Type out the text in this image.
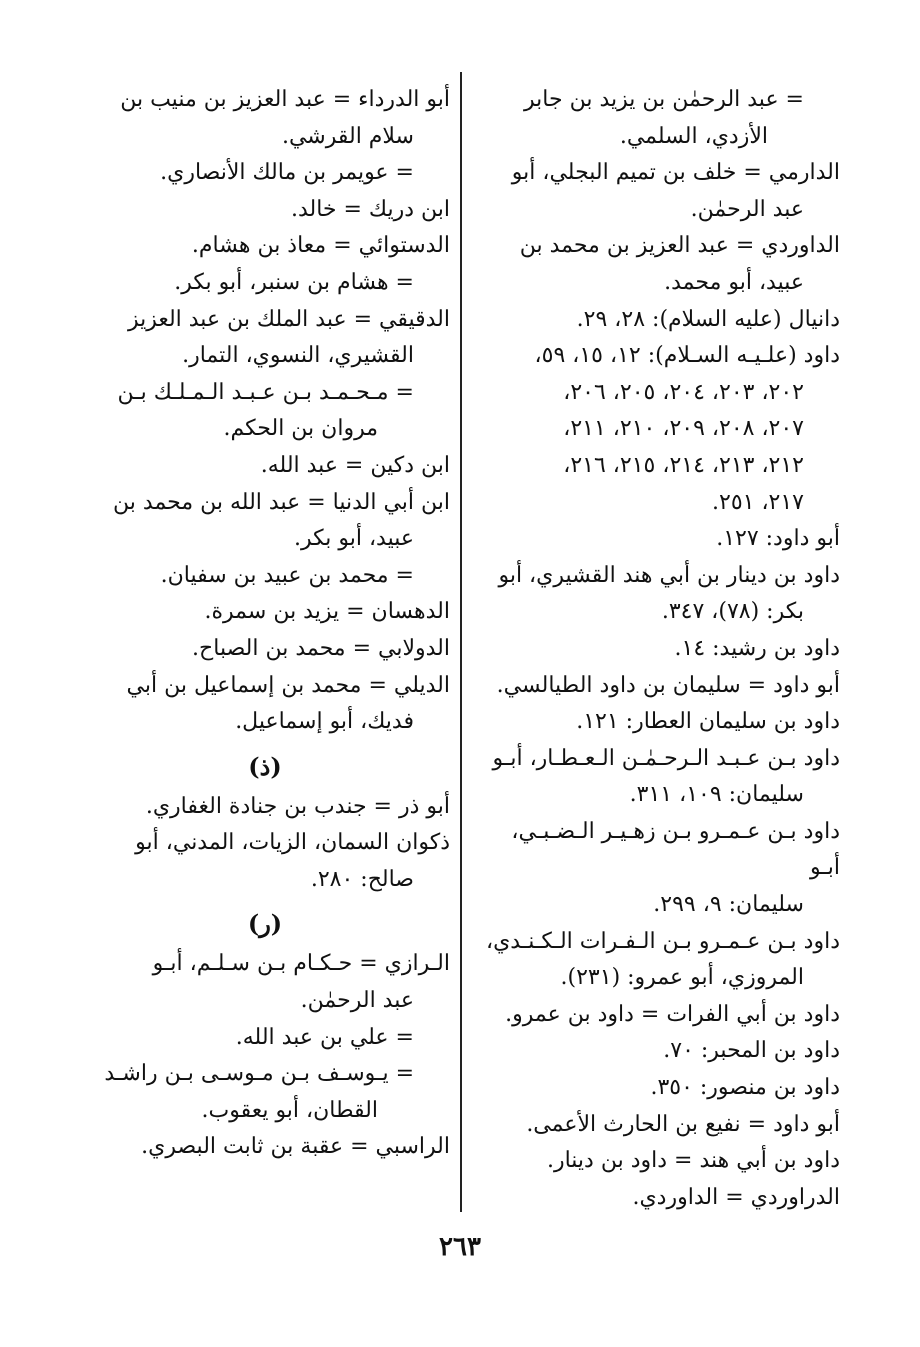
= عبد الرحمٰن بن يزيد بن جابر
الأزدي، السلمي.
الدارمي = خلف بن تميم البجلي، أبو
عبد الرحمٰن.
الداوردي = عبد العزيز بن محمد بن
عبيد، أبو محمد.
دانيال (عليه السلام): ٢٨، ٢٩.
داود (علـيـه السـلام): ١٢، ١٥، ٥٩،
٢٠٢، ٢٠٣، ٢٠٤، ٢٠٥، ٢٠٦،
٢٠٧، ٢٠٨، ٢٠٩، ٢١٠، ٢١١،
٢١٢، ٢١٣، ٢١٤، ٢١٥، ٢١٦،
٢١٧، ٢٥١.
أبو داود: ١٢٧.
داود بن دينار بن أبي هند القشيري، أبو
بكر: (٧٨)، ٣٤٧.
داود بن رشيد: ١٤.
أبو داود = سليمان بن داود الطيالسي.
داود بن سليمان العطار: ١٢١.
داود بـن عـبـد الـرحـمٰـن الـعـطـار، أبـو
سليمان: ١٠٩، ٣١١.
داود بـن عـمـرو بـن زهـيـر الـضـبـي، أبـو
سليمان: ٩، ٢٩٩.
داود بـن عـمـرو بـن الـفـرات الـكـنـدي،
المروزي، أبو عمرو: (٢٣١).
داود بن أبي الفرات = داود بن عمرو.
داود بن المحبر: ٧٠.
داود بن منصور: ٣٥٠.
أبو داود = نفيع بن الحارث الأعمى.
داود بن أبي هند = داود بن دينار.
الدراوردي = الداوردي.
أبو الدرداء = عبد العزيز بن منيب بن
سلام القرشي.
= عويمر بن مالك الأنصاري.
ابن دريك = خالد.
الدستوائي = معاذ بن هشام.
= هشام بن سنبر، أبو بكر.
الدقيقي = عبد الملك بن عبد العزيز
القشيري، النسوي، التمار.
= مـحـمـد بـن عـبـد الـمـلـك بـن
مروان بن الحكم.
ابن دكين = عبد الله.
ابن أبي الدنيا = عبد الله بن محمد بن
عبيد، أبو بكر.
= محمد بن عبيد بن سفيان.
الدهسان = يزيد بن سمرة.
الدولابي = محمد بن الصباح.
الديلي = محمد بن إسماعيل بن أبي
فديك، أبو إسماعيل.
(ذ)
أبو ذر = جندب بن جنادة الغفاري.
ذكوان السمان، الزيات، المدني، أبو
صالح: ٢٨٠.
(ر)
الـرازي = حـكـام بـن سـلـم، أبـو
عبد الرحمٰن.
= علي بن عبد الله.
= يـوسـف بـن مـوسـى بـن راشـد
القطان، أبو يعقوب.
الراسبي = عقبة بن ثابت البصري.
٢٦٣
